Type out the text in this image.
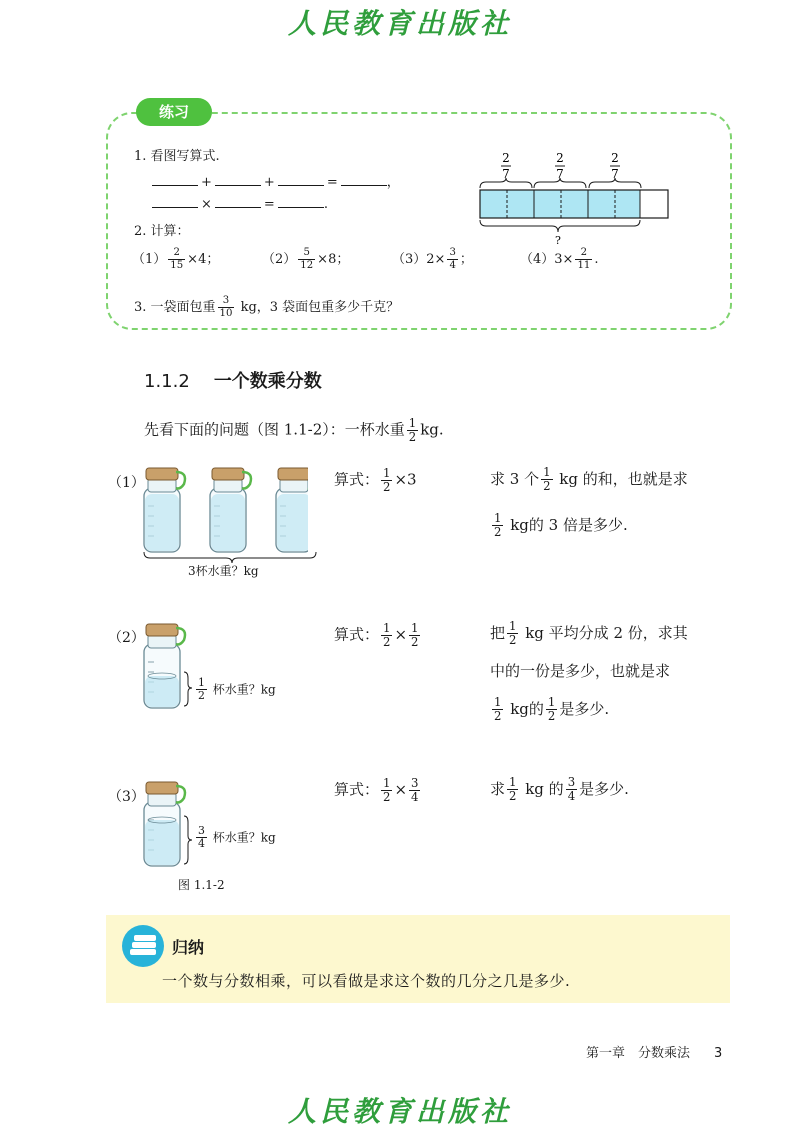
人民教育出版社
练习
1. 看图写算式.
+	+	=	，
×	=	.
2
7
2
7
2
7
?
2. 计算：
$(1) \frac{2}{15} \times 4$；	$(2) \frac{5}{12} \times 8$；	$(3)2\times \frac{3}{4}$ ；	$(4)3\times \frac{2}{11}$ .
3. 一袋面包重 $\frac{3}{10}$ kg，3 袋面包重多少千克？
1.1.2 一个数乘分数
先看下面的问题（图 1.1-2）：一杯水重 $\frac{1}{2}$ kg.
（1）
3杯水重？kg
算式： $\frac{1}{2} \times 3$	求 3 个 $\frac{1}{2}$ kg 的和，也就是求
$\frac{1}{2}$ kg的 3 倍是多少.
（2）
$\frac{1}{2}$ 杯水重？kg
算式： $\frac{1}{2} \times \frac{1}{2}$	把 $\frac{1}{2}$ kg 平均分成 2 份，求其
中的一份是多少，也就是求
$\frac{1}{2}$ kg的 $\frac{1}{2}$ 是多少.
（3）
$\frac{3}{4}$ 杯水重？kg
图 1.1-2
算式： $\frac{1}{2} \times \frac{3}{4}$	求 $\frac{1}{2}$ kg 的 $\frac{3}{4}$ 是多少.
归纳
一个数与分数相乘，可以看做是求这个数的几分之几是多少.
第一章　分数乘法 3
人民教育出版社
